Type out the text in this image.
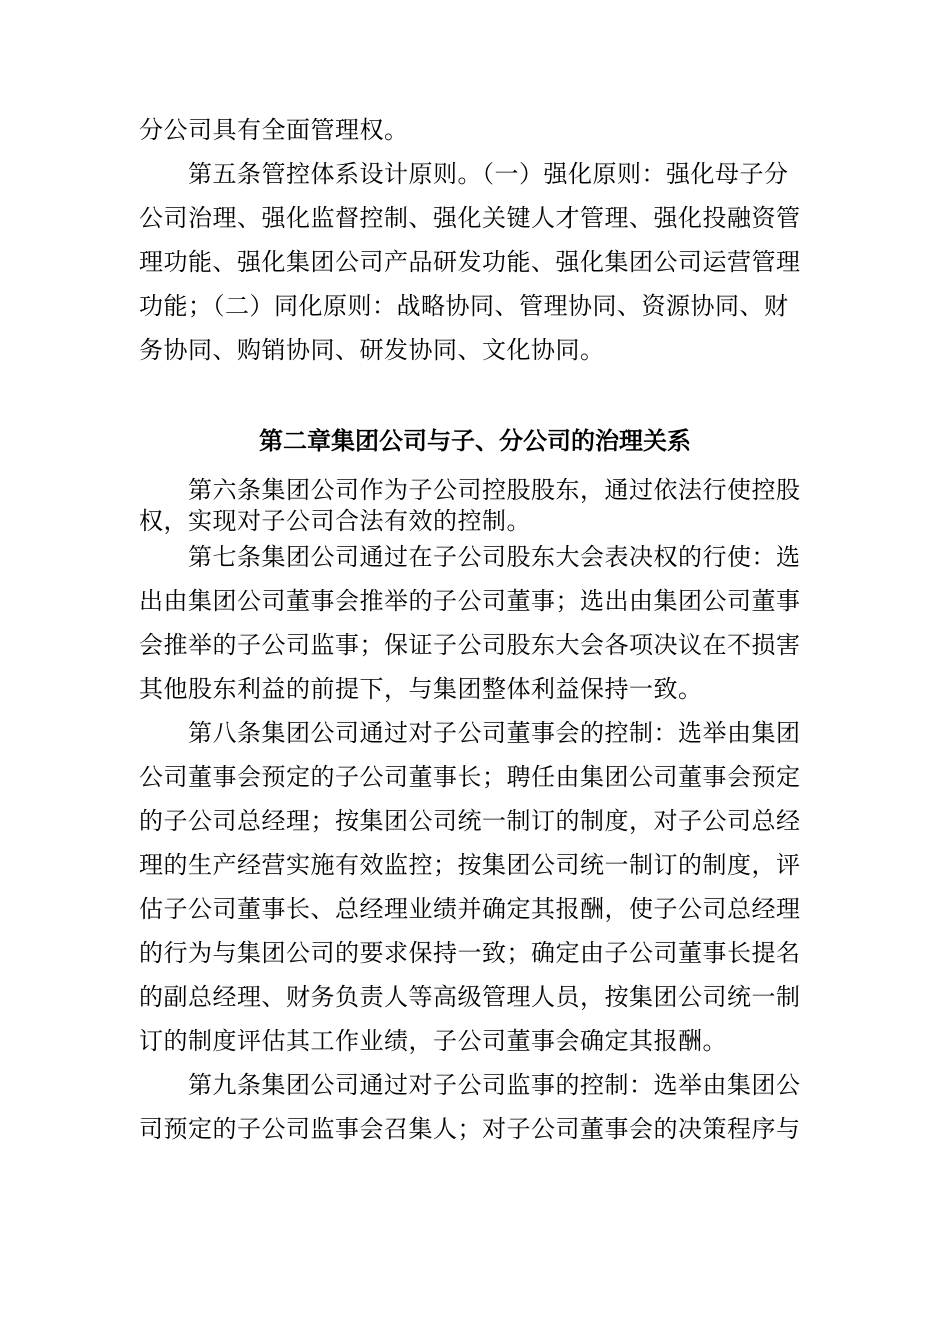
分公司具有全面管理权。
　　第五条管控体系设计原则。（一）强化原则：强化母子分
公司治理、强化监督控制、强化关键人才管理、强化投融资管
理功能、强化集团公司产品研发功能、强化集团公司运营管理
功能；（二）同化原则：战略协同、管理协同、资源协同、财
务协同、购销协同、研发协同、文化协同。
第二章集团公司与子、分公司的治理关系
　　第六条集团公司作为子公司控股股东，通过依法行使控股
权，实现对子公司合法有效的控制。
　　第七条集团公司通过在子公司股东大会表决权的行使：选
出由集团公司董事会推举的子公司董事；选出由集团公司董事
会推举的子公司监事；保证子公司股东大会各项决议在不损害
其他股东利益的前提下，与集团整体利益保持一致。
　　第八条集团公司通过对子公司董事会的控制：选举由集团
公司董事会预定的子公司董事长；聘任由集团公司董事会预定
的子公司总经理；按集团公司统一制订的制度，对子公司总经
理的生产经营实施有效监控；按集团公司统一制订的制度，评
估子公司董事长、总经理业绩并确定其报酬，使子公司总经理
的行为与集团公司的要求保持一致；确定由子公司董事长提名
的副总经理、财务负责人等高级管理人员，按集团公司统一制
订的制度评估其工作业绩，子公司董事会确定其报酬。
　　第九条集团公司通过对子公司监事的控制：选举由集团公
司预定的子公司监事会召集人；对子公司董事会的决策程序与
